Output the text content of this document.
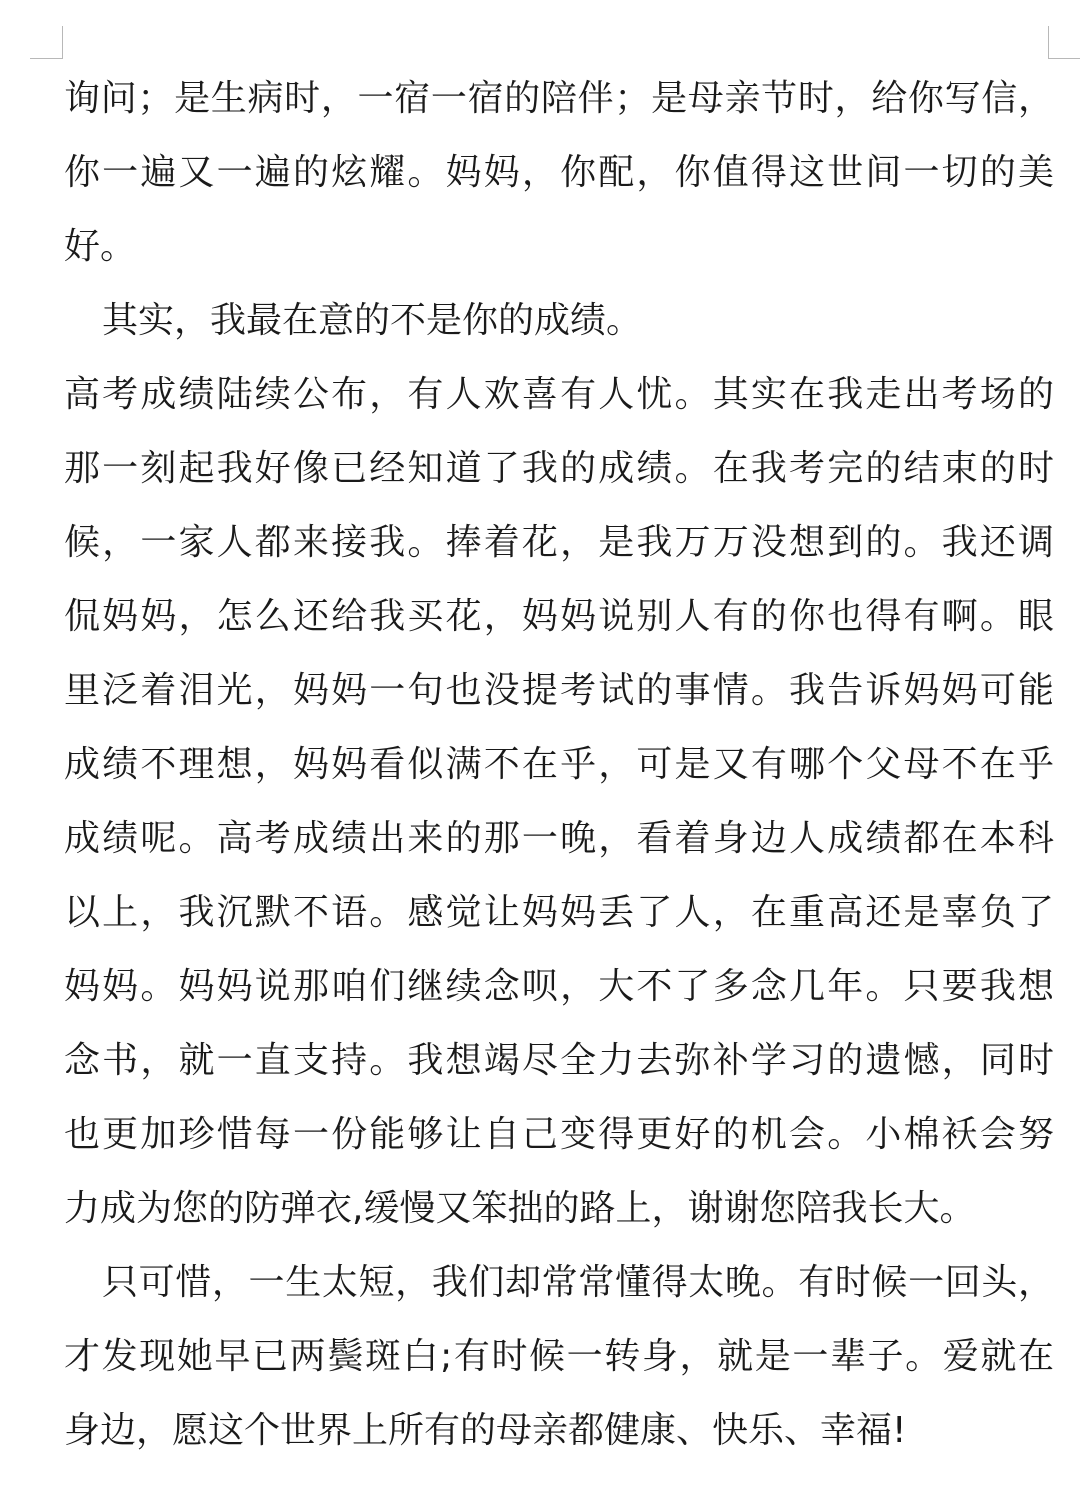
询问；是生病时，一宿一宿的陪伴；是母亲节时，给你写信，
你一遍又一遍的炫耀。妈妈，你配，你值得这世间一切的美
好。
其实，我最在意的不是你的成绩。
高考成绩陆续公布，有人欢喜有人忧。其实在我走出考场的
那一刻起我好像已经知道了我的成绩。在我考完的结束的时
候，一家人都来接我。捧着花，是我万万没想到的。我还调
侃妈妈，怎么还给我买花，妈妈说别人有的你也得有啊。眼
里泛着泪光，妈妈一句也没提考试的事情。我告诉妈妈可能
成绩不理想，妈妈看似满不在乎，可是又有哪个父母不在乎
成绩呢。高考成绩出来的那一晚，看着身边人成绩都在本科
以上，我沉默不语。感觉让妈妈丢了人，在重高还是辜负了
妈妈。妈妈说那咱们继续念呗，大不了多念几年。只要我想
念书，就一直支持。我想竭尽全力去弥补学习的遗憾，同时
也更加珍惜每一份能够让自己变得更好的机会。小棉袄会努
力成为您的防弹衣,缓慢又笨拙的路上，谢谢您陪我长大。
只可惜，一生太短，我们却常常懂得太晚。有时候一回头，
才发现她早已两鬓斑白;有时候一转身，就是一辈子。爱就在
身边，愿这个世界上所有的母亲都健康、快乐、幸福!
